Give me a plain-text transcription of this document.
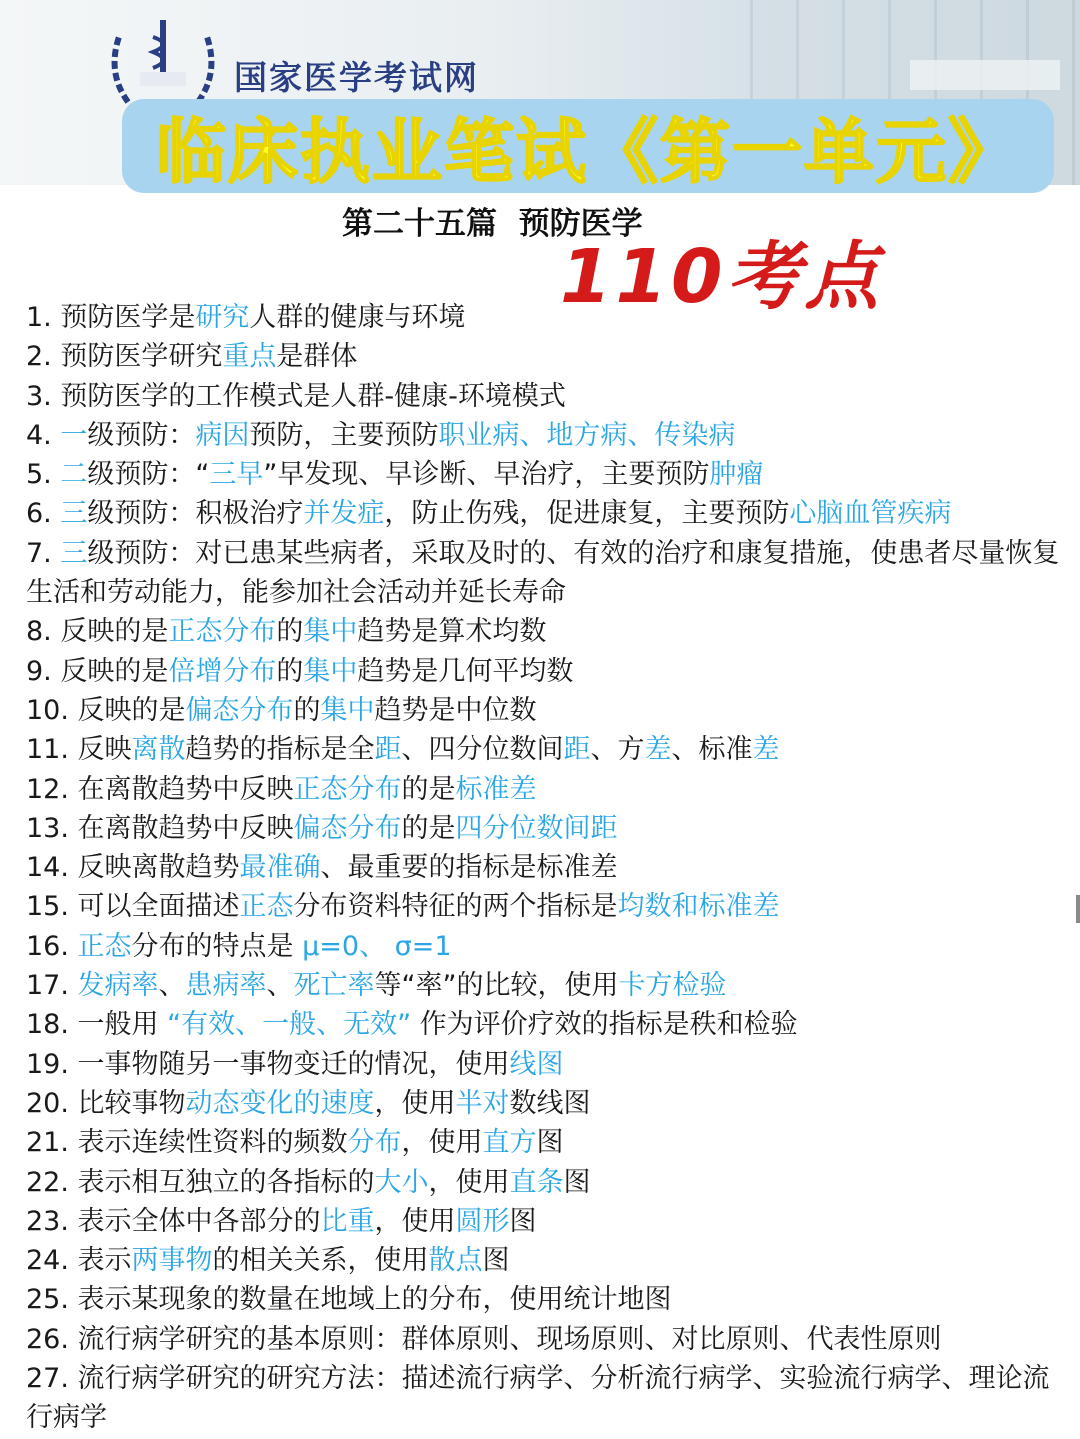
国家医学考试网
临床执业笔试《第一单元》
第二十五篇  预防医学
110考点
1. 预防医学是研究人群的健康与环境
2. 预防医学研究重点是群体
3. 预防医学的工作模式是人群-健康-环境模式
4. 一级预防：病因预防，主要预防职业病、地方病、传染病
5. 二级预防：“三早”早发现、早诊断、早治疗，主要预防肿瘤
6. 三级预防：积极治疗并发症，防止伤残，促进康复，主要预防心脑血管疾病
7. 三级预防：对已患某些病者，采取及时的、有效的治疗和康复措施，使患者尽量恢复生活和劳动能力，能参加社会活动并延长寿命
8. 反映的是正态分布的集中趋势是算术均数
9. 反映的是倍增分布的集中趋势是几何平均数
10. 反映的是偏态分布的集中趋势是中位数
11. 反映离散趋势的指标是全距、四分位数间距、方差、标准差
12. 在离散趋势中反映正态分布的是标准差
13. 在离散趋势中反映偏态分布的是四分位数间距
14. 反映离散趋势最准确、最重要的指标是标准差
15. 可以全面描述正态分布资料特征的两个指标是均数和标准差
16. 正态分布的特点是 μ=0、 σ=1
17. 发病率、患病率、死亡率等“率”的比较，使用卡方检验
18. 一般用 “有效、一般、无效” 作为评价疗效的指标是秩和检验
19. 一事物随另一事物变迁的情况，使用线图
20. 比较事物动态变化的速度，使用半对数线图
21. 表示连续性资料的频数分布，使用直方图
22. 表示相互独立的各指标的大小，使用直条图
23. 表示全体中各部分的比重，使用圆形图
24. 表示两事物的相关关系，使用散点图
25. 表示某现象的数量在地域上的分布，使用统计地图
26. 流行病学研究的基本原则：群体原则、现场原则、对比原则、代表性原则
27. 流行病学研究的研究方法：描述流行病学、分析流行病学、实验流行病学、理论流行病学
